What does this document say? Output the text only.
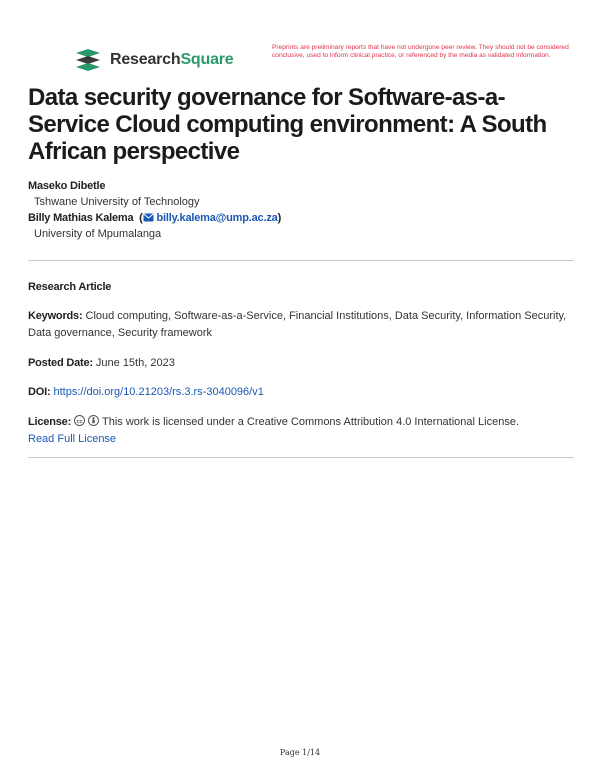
ResearchSquare
Preprints are preliminary reports that have not undergone peer review. They should not be considered conclusive, used to inform clinical practice, or referenced by the media as validated information.
Data security governance for Software-as-a-Service Cloud computing environment: A South African perspective
Maseko Dibetle
Tshwane University of Technology
Billy Mathias Kalema  ( billy.kalema@ump.ac.za)
University of Mpumalanga
Research Article
Keywords: Cloud computing, Software-as-a-Service, Financial Institutions, Data Security, Information Security, Data governance, Security framework
Posted Date: June 15th, 2023
DOI: https://doi.org/10.21203/rs.3.rs-3040096/v1
License: cc This work is licensed under a Creative Commons Attribution 4.0 International License.
Read Full License
Page 1/14
